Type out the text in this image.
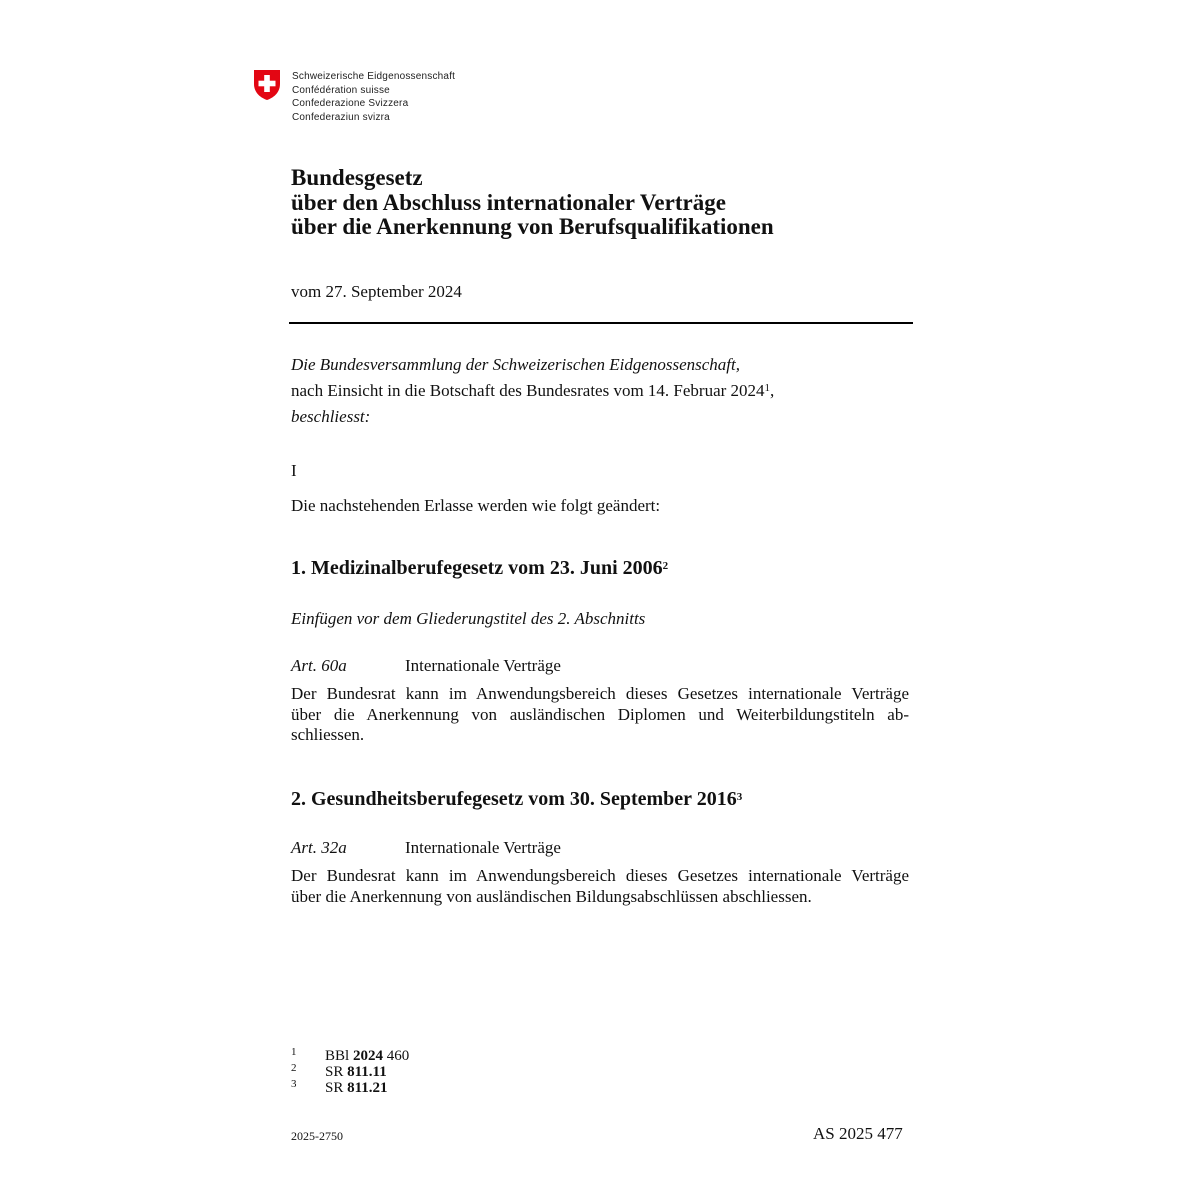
Schweizerische Eidgenossenschaft
Confédération suisse
Confederazione Svizzera
Confederaziun svizra
Bundesgesetz
über den Abschluss internationaler Verträge
über die Anerkennung von Berufsqualifikationen
vom 27. September 2024
Die Bundesversammlung der Schweizerischen Eidgenossenschaft,
nach Einsicht in die Botschaft des Bundesrates vom 14. Februar 2024$^1$,
beschliesst:
I
Die nachstehenden Erlasse werden wie folgt geändert:
1. Medizinalberufegesetz vom 23. Juni 2006$^2$
Einfügen vor dem Gliederungstitel des 2. Abschnitts
Art. 60a	Internationale Verträge
Der Bundesrat kann im Anwendungsbereich dieses Gesetzes internationale Verträge
über die Anerkennung von ausländischen Diplomen und Weiterbildungstiteln ab-
schliessen.
2. Gesundheitsberufegesetz vom 30. September 2016$^3$
Art. 32a	Internationale Verträge
Der Bundesrat kann im Anwendungsbereich dieses Gesetzes internationale Verträge
über die Anerkennung von ausländischen Bildungsabschlüssen abschliessen.
1 BBl 2024 460
2 SR 811.11
3 SR 811.21
2025-2750	AS 2025 477
